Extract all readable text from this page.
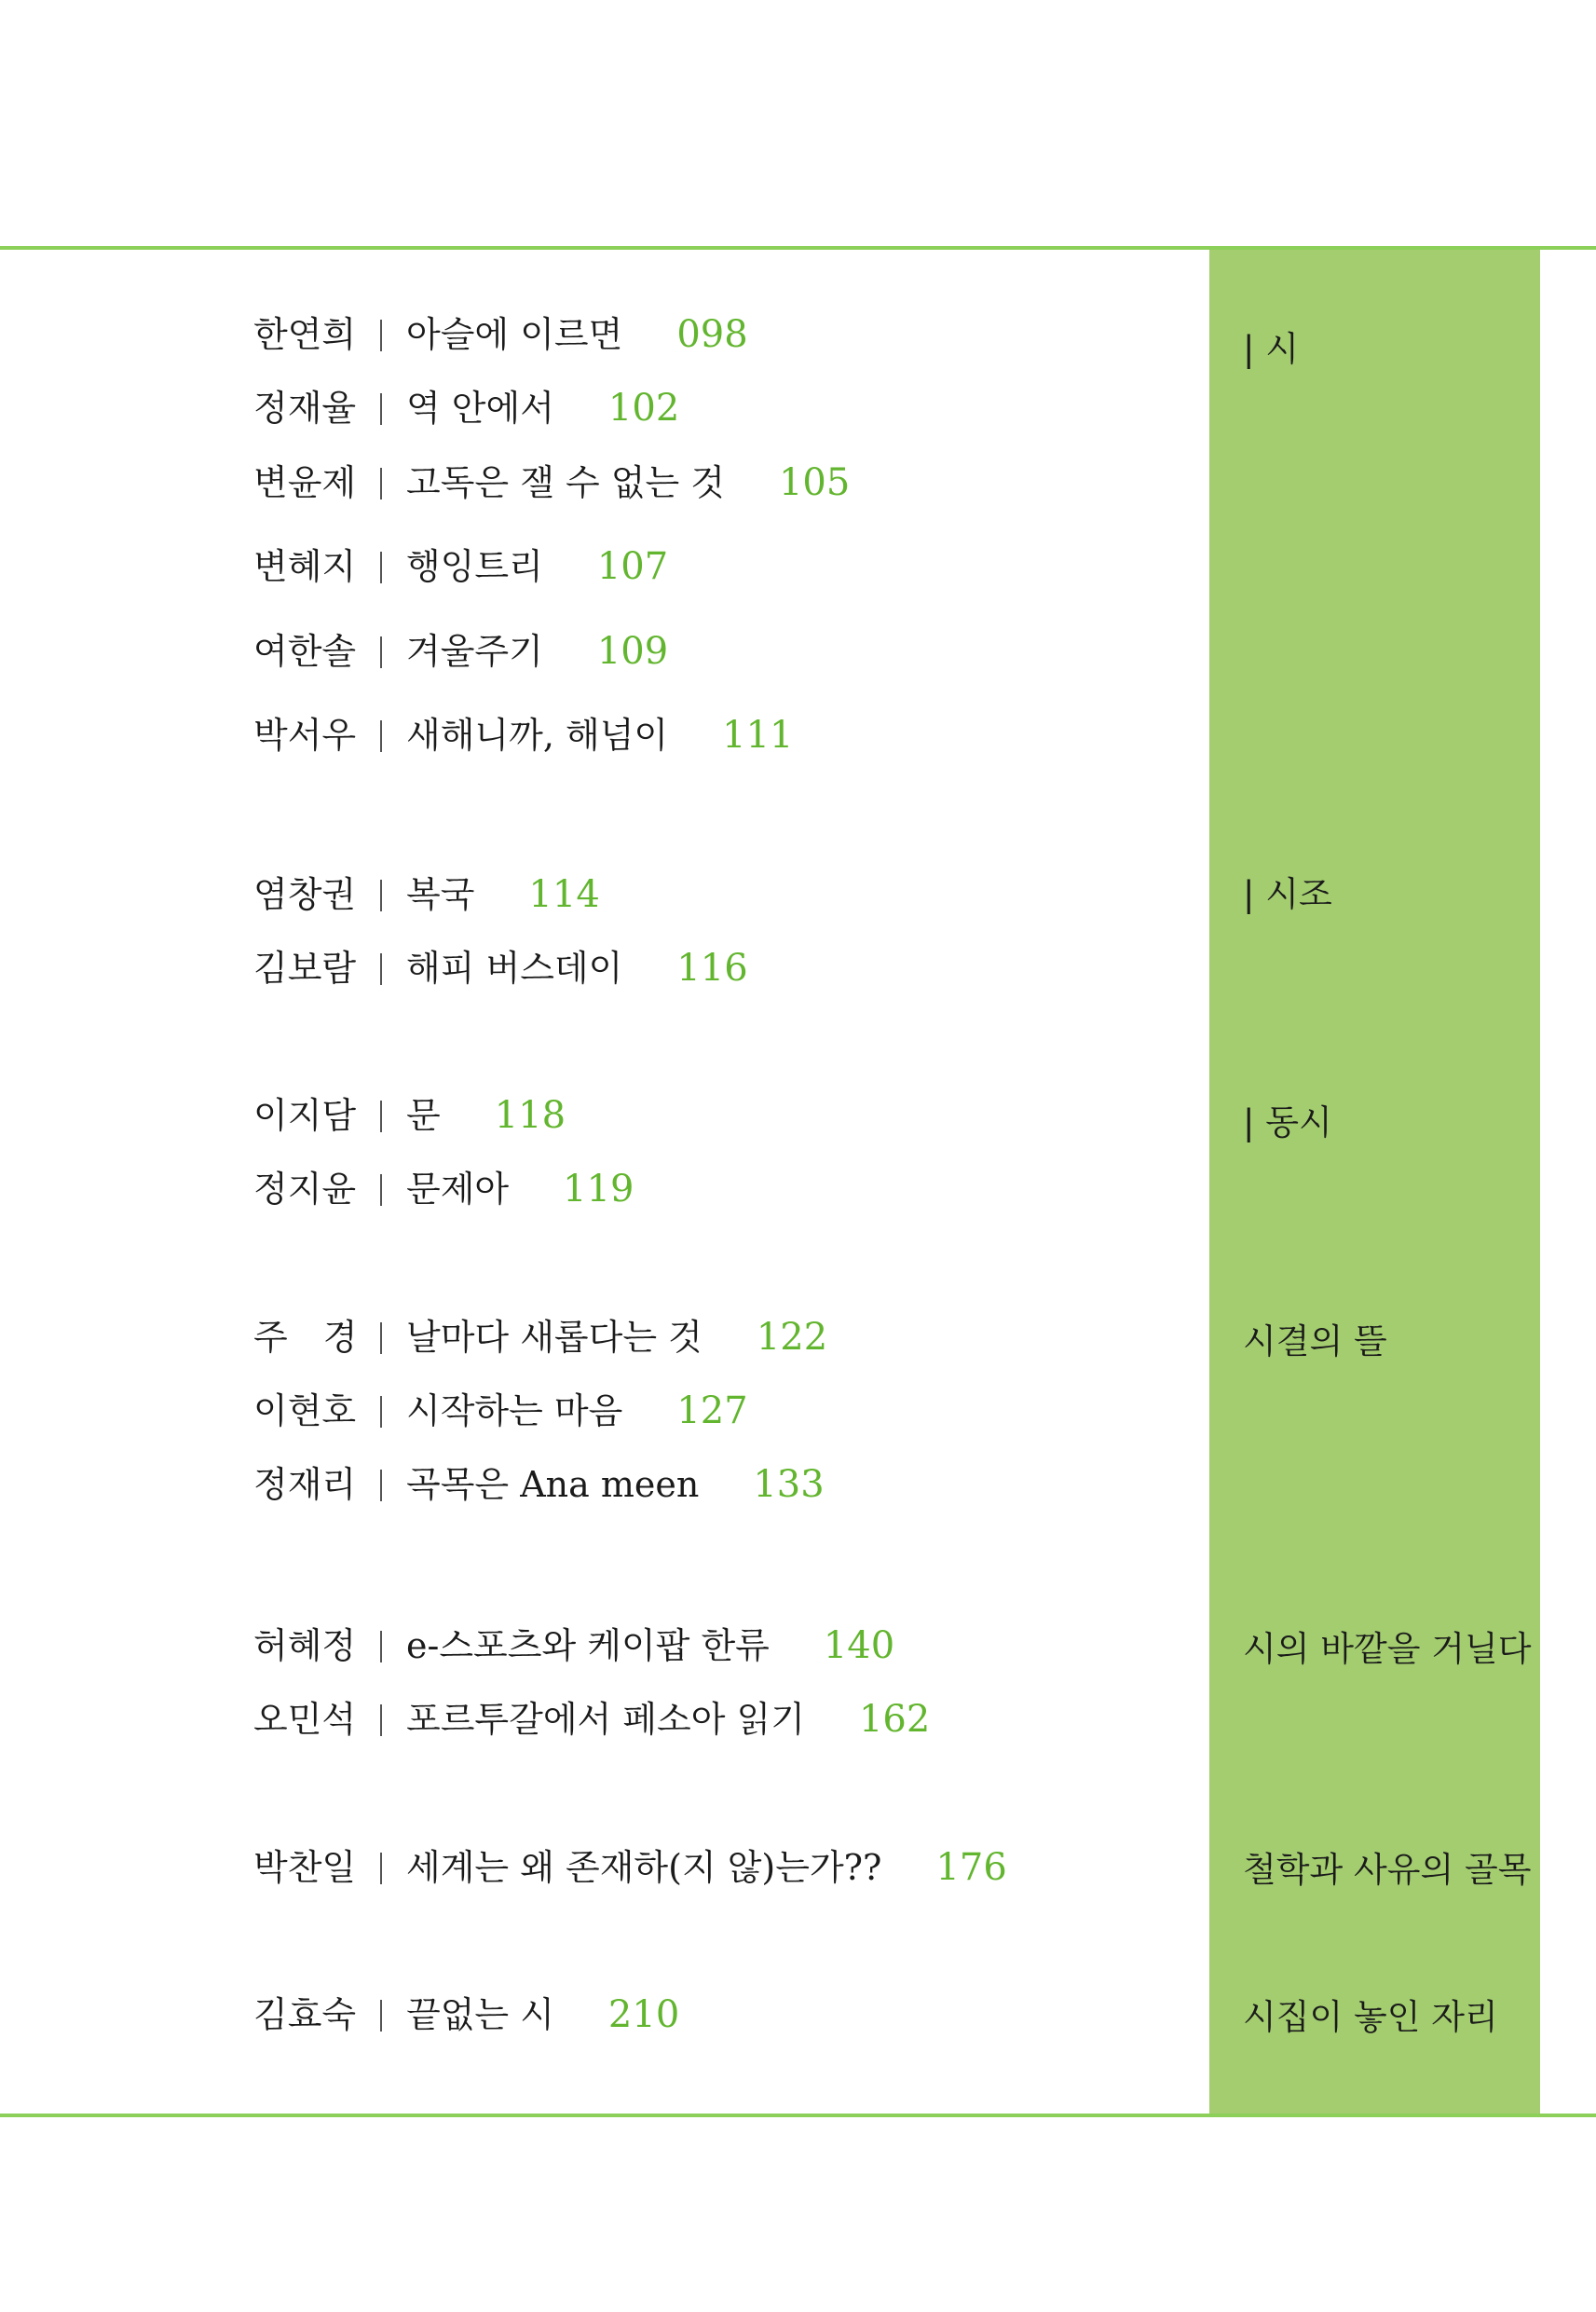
| 시
| 시조
| 동시
시결의 뜰
시의 바깥을 거닐다
철학과 사유의 골목
시집이 놓인 자리
한연희 아슬에 이르면 098
정재율 역 안에서 102
변윤제 고독은 잴 수 없는 것 105
변혜지 행잉트리 107
여한솔 겨울주기 109
박서우 새해니까, 해넘이 111
염창권 복국 114
김보람 해피 버스데이 116
이지담 문 118
정지윤 문제아 119
주　경 날마다 새롭다는 것 122
이현호 시작하는 마음 127
정재리 곡목은 Ana meen 133
허혜정 e-스포츠와 케이팝 한류 140
오민석 포르투갈에서 페소아 읽기 162
박찬일 세계는 왜 존재하(지 않)는가?? 176
김효숙 끝없는 시 210
